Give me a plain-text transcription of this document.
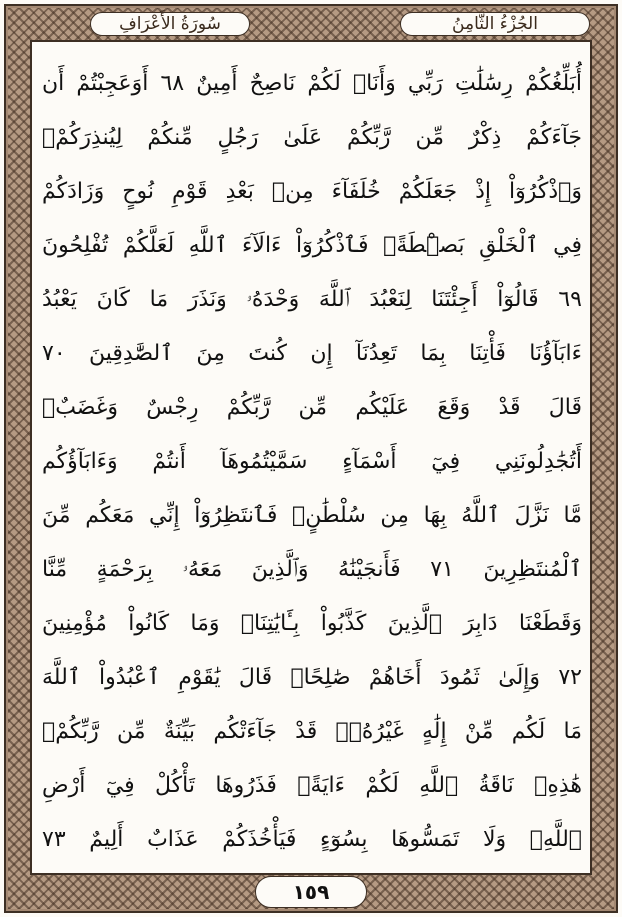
الجُزْءُ الثَّامِنُ
سُورَةُ الأَعْرَافِ
أُبَلِّغُكُمْ رِسَٰلَٰتِ رَبِّي وَأَنَا۠ لَكُمْ نَاصِحٌ أَمِينٌ ٦٨ أَوَعَجِبْتُمْ أَن
جَآءَكُمْ ذِكْرٌ مِّن رَّبِّكُمْ عَلَىٰ رَجُلٍ مِّنكُمْ لِيُنذِرَكُمْۚ
وَٱذْكُرُوٓاْ إِذْ جَعَلَكُمْ خُلَفَآءَ مِنۢ بَعْدِ قَوْمِ نُوحٍ وَزَادَكُمْ
فِي ٱلْخَلْقِ بَصْۜطَةًۖ فَٱذْكُرُوٓاْ ءَالَآءَ ٱللَّهِ لَعَلَّكُمْ تُفْلِحُونَ
٦٩ قَالُوٓاْ أَجِئْتَنَا لِنَعْبُدَ ٱللَّهَ وَحْدَهُۥ وَنَذَرَ مَا كَانَ يَعْبُدُ
ءَابَآؤُنَا فَأْتِنَا بِمَا تَعِدُنَآ إِن كُنتَ مِنَ ٱلصَّٰدِقِينَ ٧٠
قَالَ قَدْ وَقَعَ عَلَيْكُم مِّن رَّبِّكُمْ رِجْسٌ وَغَضَبٌۖ
أَتُجَٰدِلُونَنِي فِيٓ أَسْمَآءٍ سَمَّيْتُمُوهَآ أَنتُمْ وَءَابَآؤُكُم
مَّا نَزَّلَ ٱللَّهُ بِهَا مِن سُلْطَٰنٍۚ فَٱنتَظِرُوٓاْ إِنِّي مَعَكُم مِّنَ
ٱلْمُنتَظِرِينَ ٧١ فَأَنجَيْنَٰهُ وَٱلَّذِينَ مَعَهُۥ بِرَحْمَةٍ مِّنَّا
وَقَطَعْنَا دَابِرَ ٱلَّذِينَ كَذَّبُواْ بِـَٔايَٰتِنَاۖ وَمَا كَانُواْ مُؤْمِنِينَ
٧٢ وَإِلَىٰ ثَمُودَ أَخَاهُمْ صَٰلِحًاۚ قَالَ يَٰقَوْمِ ٱعْبُدُواْ ٱللَّهَ
مَا لَكُم مِّنْ إِلَٰهٍ غَيْرُهُۥۖ قَدْ جَآءَتْكُم بَيِّنَةٌ مِّن رَّبِّكُمْۖ
هَٰذِهِۦ نَاقَةُ ٱللَّهِ لَكُمْ ءَايَةًۖ فَذَرُوهَا تَأْكُلْ فِيٓ أَرْضِ
ٱللَّهِۖ وَلَا تَمَسُّوهَا بِسُوٓءٍ فَيَأْخُذَكُمْ عَذَابٌ أَلِيمٌ ٧٣
١٥٩
